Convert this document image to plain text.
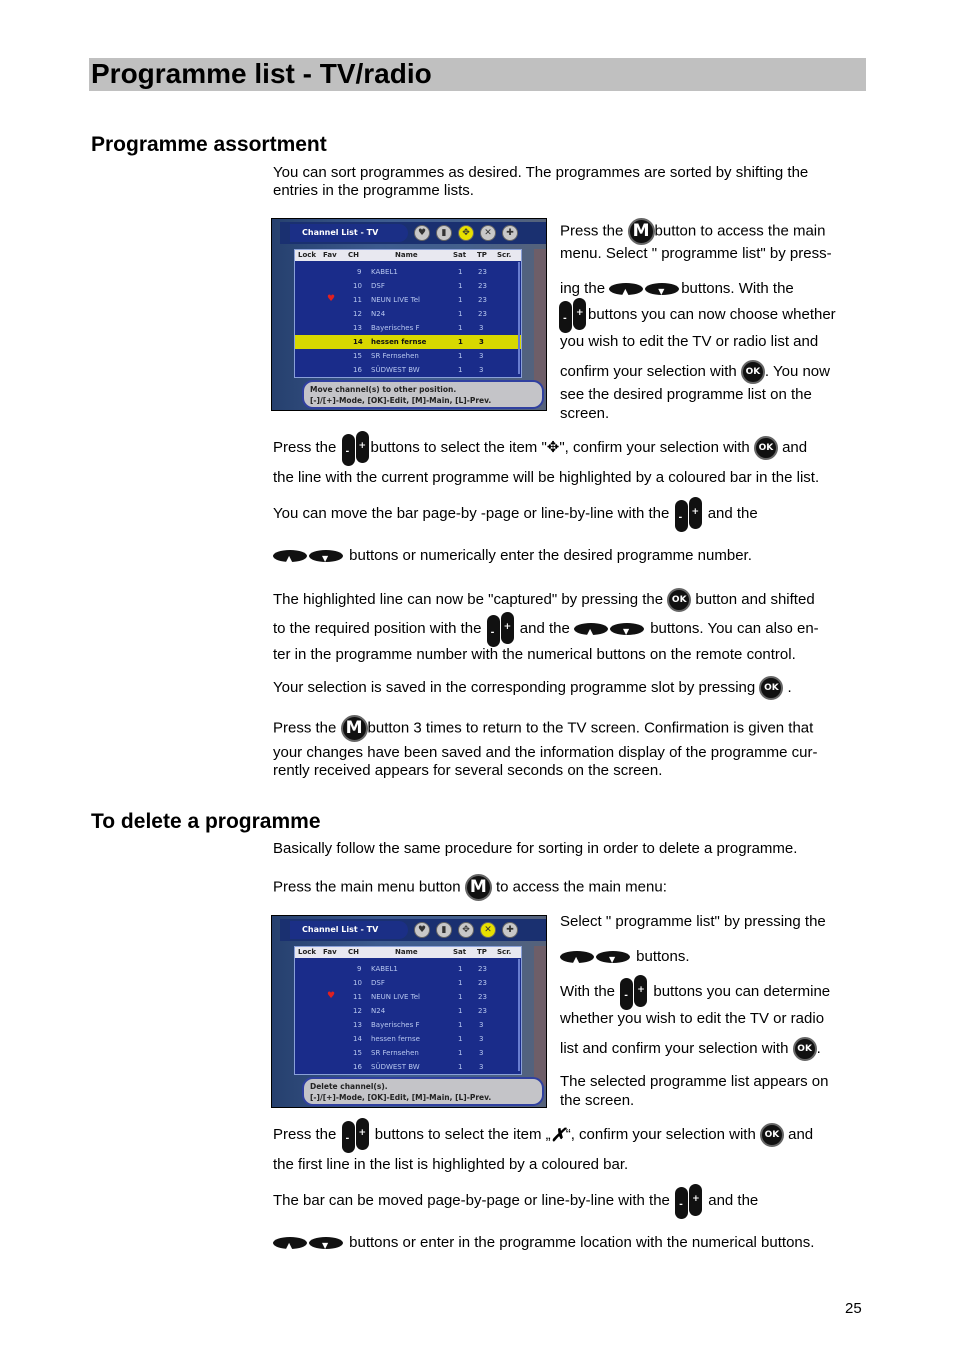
Programme list - TV/radio
Programme assortment
You can sort programmes as desired. The programmes are sorted by shifting the
entries in the programme lists.
Channel List - TV	♥	▮	✥	✕	✚
Lock Fav CH	Name	Sat TP Scr.
9 KABEL1	1 23
10 DSF	1 23
♥	11 NEUN LIVE Tel	1 23
12 N24	1 23
13 Bayerisches F	1 3
14 hessen fernse	1 3
15 SR Fernsehen	1 3
16 SÜDWEST BW	1 3
Move channel(s) to other position.
[-]/[+]-Mode, [OK]-Edit, [M]-Main, [L]-Prev.
Press the M button to access the main
menu. Select " programme list" by press-
ing the ▲	▼ buttons. With the
-
+ buttons you can now choose whether
you wish to edit the TV or radio list and
confirm your selection with OK . You now
see the desired programme list on the
screen.
Press the -
+ buttons to select the item "✥", confirm your selection with OK and
the line with the current programme will be highlighted by a coloured bar in the list.
You can move the bar page-by -page or line-by-line with the -
+ and the
▲	▼ buttons or numerically enter the desired programme number.
The highlighted line can now be "captured" by pressing the OK button and shifted
to the required position with the -
+ and the ▲	▼ buttons. You can also en-
ter in the programme number with the numerical buttons on the remote control.
Your selection is saved in the corresponding programme slot by pressing OK .
Press the M button 3 times to return to the TV screen. Confirmation is given that
your changes have been saved and the information display of the programme cur-
rently received appears for several seconds on the screen.
To delete a programme
Basically follow the same procedure for sorting in order to delete a programme.
Press the main menu button M to access the main menu:
Channel List - TV	♥	▮	✥	✕	✚
Lock Fav CH	Name	Sat TP Scr.
9 KABEL1	1 23
10 DSF	1 23
♥	11 NEUN LIVE Tel	1 23
12 N24	1 23
13 Bayerisches F	1 3
14 hessen fernse	1 3
15 SR Fernsehen	1 3
16 SÜDWEST BW	1 3
Delete channel(s).
[-]/[+]-Mode, [OK]-Edit, [M]-Main, [L]-Prev.
Select " programme list" by pressing the
▲	▼ buttons.
With the -
+ buttons you can determine
whether you wish to edit the TV or radio
list and confirm your selection with OK .
The selected programme list appears on
the screen.
Press the -
+ buttons to select the item „✗“, confirm your selection with OK and
the first line in the list is highlighted by a coloured bar.
The bar can be moved page-by-page or line-by-line with the -
+ and the
▲	▼ buttons or enter in the programme location with the numerical buttons.
25
